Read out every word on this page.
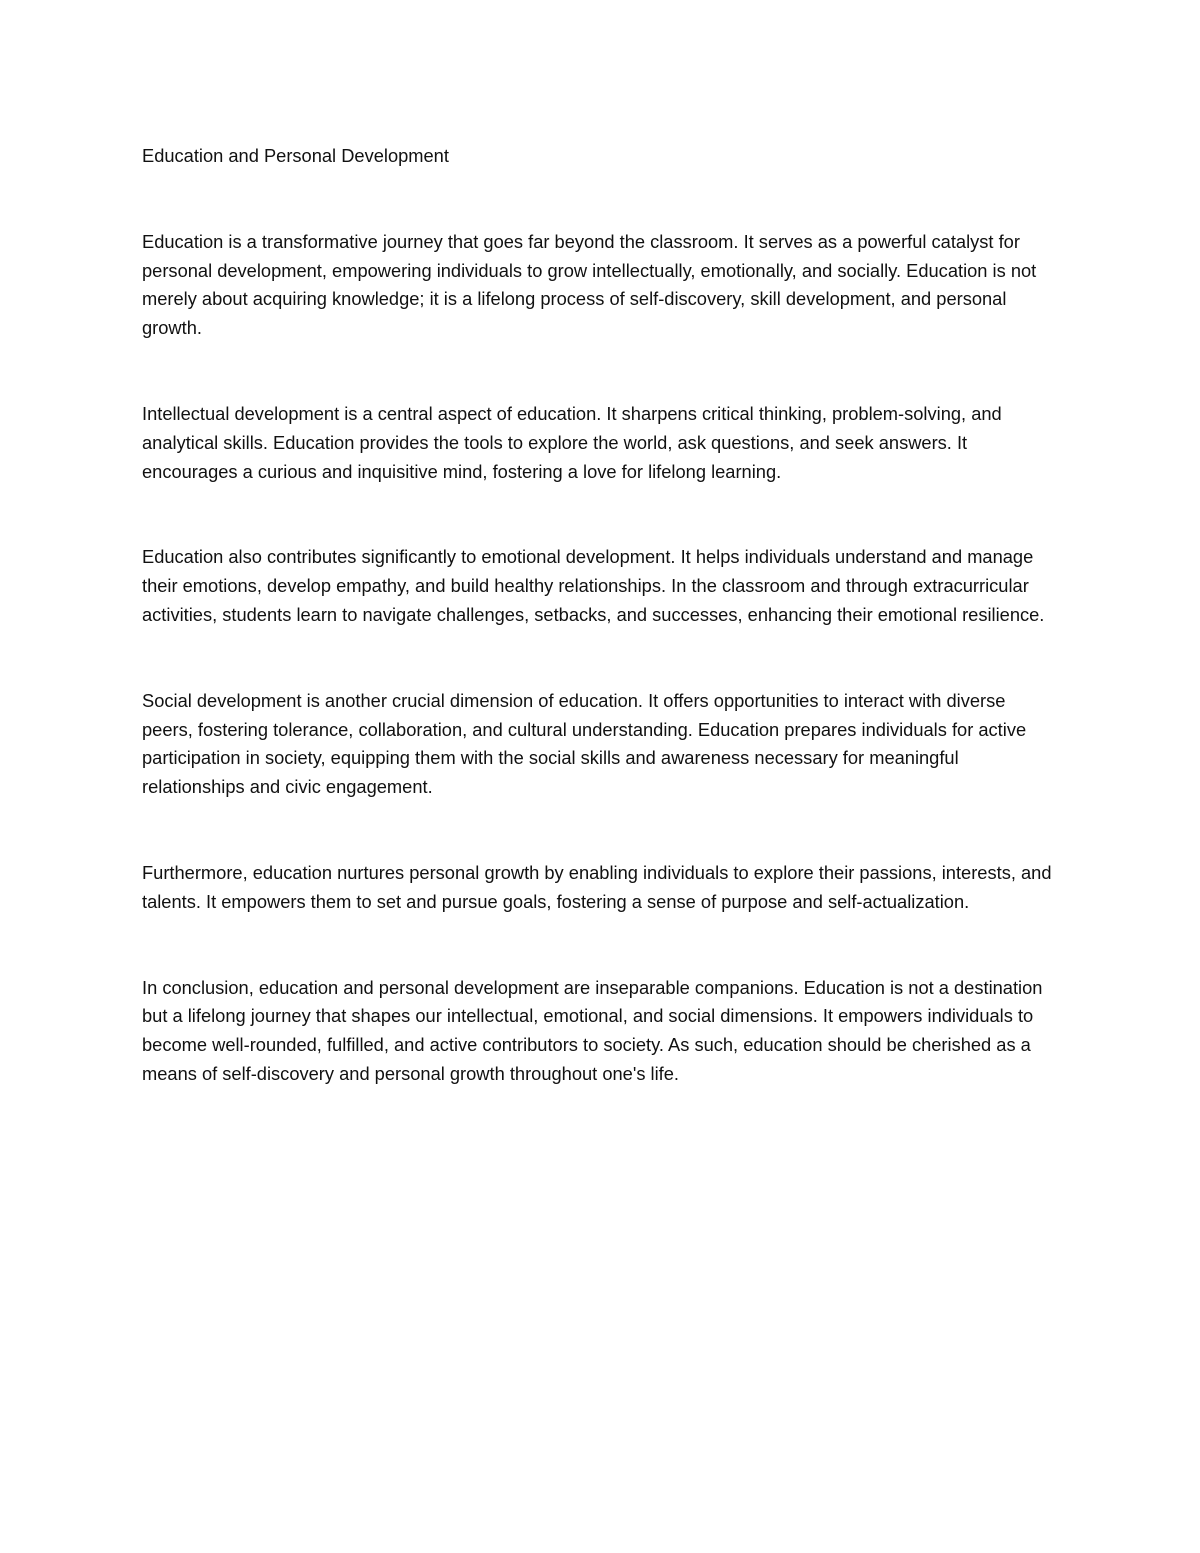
Education and Personal Development

Education is a transformative journey that goes far beyond the classroom. It serves as a powerful catalyst for personal development, empowering individuals to grow intellectually, emotionally, and socially. Education is not merely about acquiring knowledge; it is a lifelong process of self-discovery, skill development, and personal growth.

Intellectual development is a central aspect of education. It sharpens critical thinking, problem-solving, and analytical skills. Education provides the tools to explore the world, ask questions, and seek answers. It encourages a curious and inquisitive mind, fostering a love for lifelong learning.

Education also contributes significantly to emotional development. It helps individuals understand and manage their emotions, develop empathy, and build healthy relationships. In the classroom and through extracurricular activities, students learn to navigate challenges, setbacks, and successes, enhancing their emotional resilience.

Social development is another crucial dimension of education. It offers opportunities to interact with diverse peers, fostering tolerance, collaboration, and cultural understanding. Education prepares individuals for active participation in society, equipping them with the social skills and awareness necessary for meaningful relationships and civic engagement.

Furthermore, education nurtures personal growth by enabling individuals to explore their passions, interests, and talents. It empowers them to set and pursue goals, fostering a sense of purpose and self-actualization.

In conclusion, education and personal development are inseparable companions. Education is not a destination but a lifelong journey that shapes our intellectual, emotional, and social dimensions. It empowers individuals to become well-rounded, fulfilled, and active contributors to society. As such, education should be cherished as a means of self-discovery and personal growth throughout one's life.
